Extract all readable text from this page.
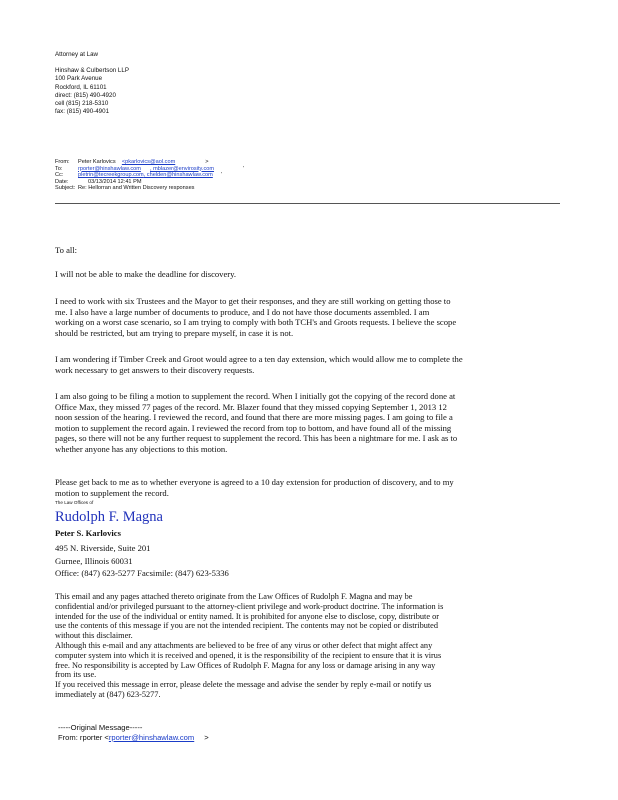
Attorney at Law
Hinshaw & Culbertson LLP
100 Park Avenue
Rockford, IL 61101
direct: (815) 490-4920
cell (815) 218-5310
fax: (815) 490-4901
From: Peter Karlovics <pkarlovics@aol.com	>
To:	rporter@hinshawlaw.com , mblazer@envirosity.com	'
Cc:	pletrin@tecreekgroup.com, chelden@hinshawlaw.com '
Date:	03/13/2014 12:41 PM
Subject: Re: Hellorran and Written Discovery responses
To all:
I will not be able to make the deadline for discovery.
I need to work with six Trustees and the Mayor to get their responses, and they are still working on getting those to
me. I also have a large number of documents to produce, and I do not have those documents assembled. I am
working on a worst case scenario, so I am trying to comply with both TCH's and Groots requests. I believe the scope
should be restricted, but am trying to prepare myself, in case it is not.
I am wondering if Timber Creek and Groot would agree to a ten day extension, which would allow me to complete the
work necessary to get answers to their discovery requests.
I am also going to be filing a motion to supplement the record. When I initially got the copying of the record done at
Office Max, they missed 77 pages of the record. Mr. Blazer found that they missed copying September 1, 2013 12
noon session of the hearing. I reviewed the record, and found that there are more missing pages. I am going to file a
motion to supplement the record again. I reviewed the record from top to bottom, and have found all of the missing
pages, so there will not be any further request to supplement the record. This has been a nightmare for me. I ask as to
whether anyone has any objections to this motion.
Please get back to me as to whether everyone is agreed to a 10 day extension for production of discovery, and to my
motion to supplement the record.
The Law Offices of
Rudolph F. Magna
Peter S. Karlovics
495 N. Riverside, Suite 201
Gurnee, Illinois 60031
Office: (847) 623-5277 Facsimile: (847) 623-5336
This email and any pages attached thereto originate from the Law Offices of Rudolph F. Magna and may be
confidential and/or privileged pursuant to the attorney-client privilege and work-product doctrine. The information is
intended for the use of the individual or entity named. It is prohibited for anyone else to disclose, copy, distribute or
use the contents of this message if you are not the intended recipient. The contents may not be copied or distributed
without this disclaimer.
Although this e-mail and any attachments are believed to be free of any virus or other defect that might affect any
computer system into which it is received and opened, it is the responsibility of the recipient to ensure that it is virus
free. No responsibility is accepted by Law Offices of Rudolph F. Magna for any loss or damage arising in any way
from its use.
If you received this message in error, please delete the message and advise the sender by reply e-mail or notify us
immediately at (847) 623-5277.
-----Original Message-----
From: rporter <rporter@hinshawlaw.com >
